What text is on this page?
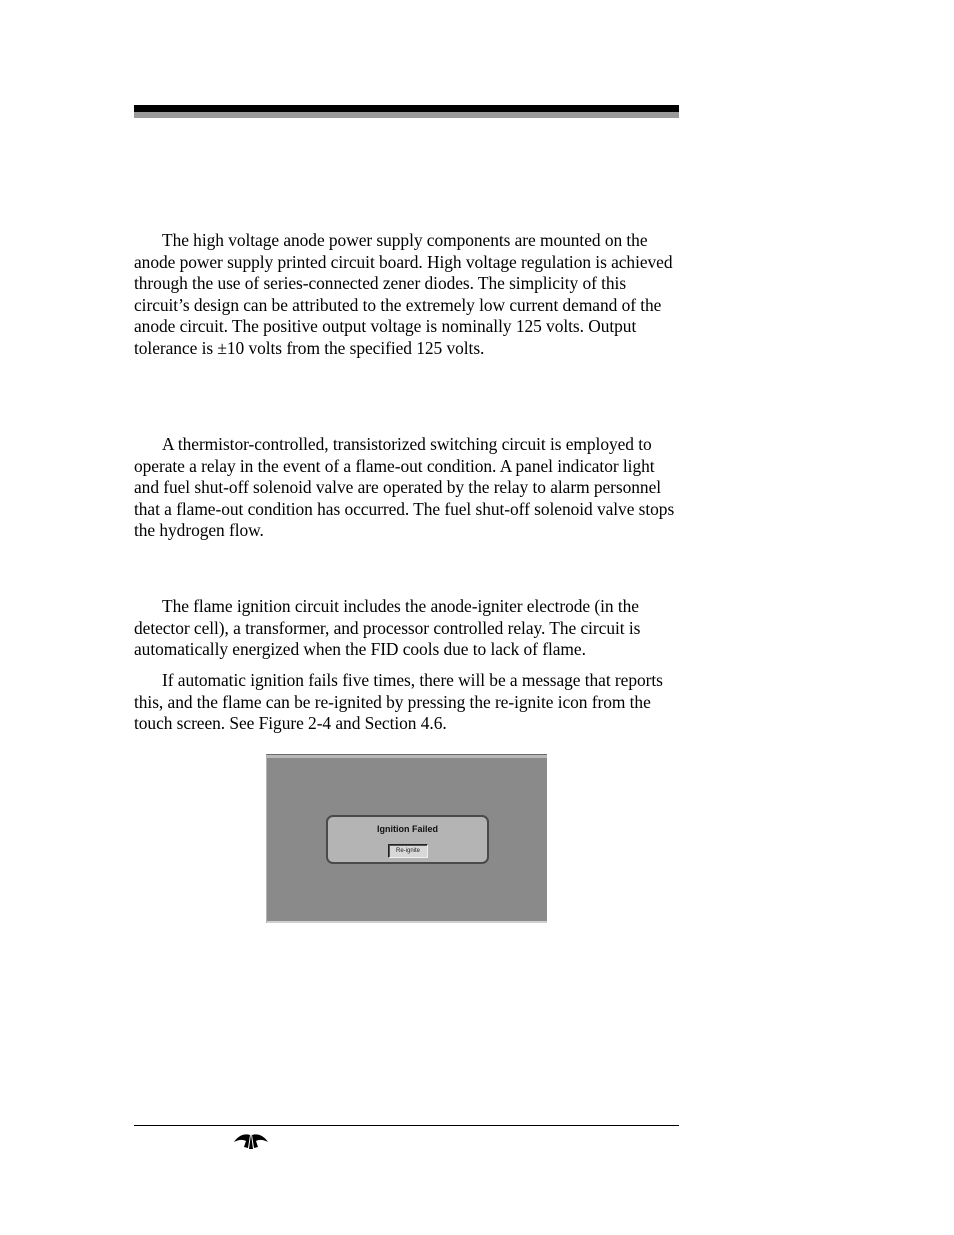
The high voltage anode power supply components are mounted on the anode power supply printed circuit board. High voltage regulation is achieved through the use of series-connected zener diodes. The simplicity of this circuit’s design can be attributed to the extremely low current demand of the anode circuit. The positive output voltage is nominally 125 volts. Output tolerance is ±10 volts from the specified 125 volts.

A thermistor-controlled, transistorized switching circuit is employed to operate a relay in the event of a flame-out condition. A panel indicator light and fuel shut-off solenoid valve are operated by the relay to alarm personnel that a flame-out condition has occurred. The fuel shut-off solenoid valve stops the hydrogen flow.

The flame ignition circuit includes the anode-igniter electrode (in the detector cell), a transformer, and processor controlled relay. The circuit is automatically energized when the FID cools due to lack of flame.

If automatic ignition fails five times, there will be a message that reports this, and the flame can be re-ignited by pressing the re-ignite icon from the touch screen. See Figure 2-4 and Section 4.6.

Ignition Failed
Re-ignite
